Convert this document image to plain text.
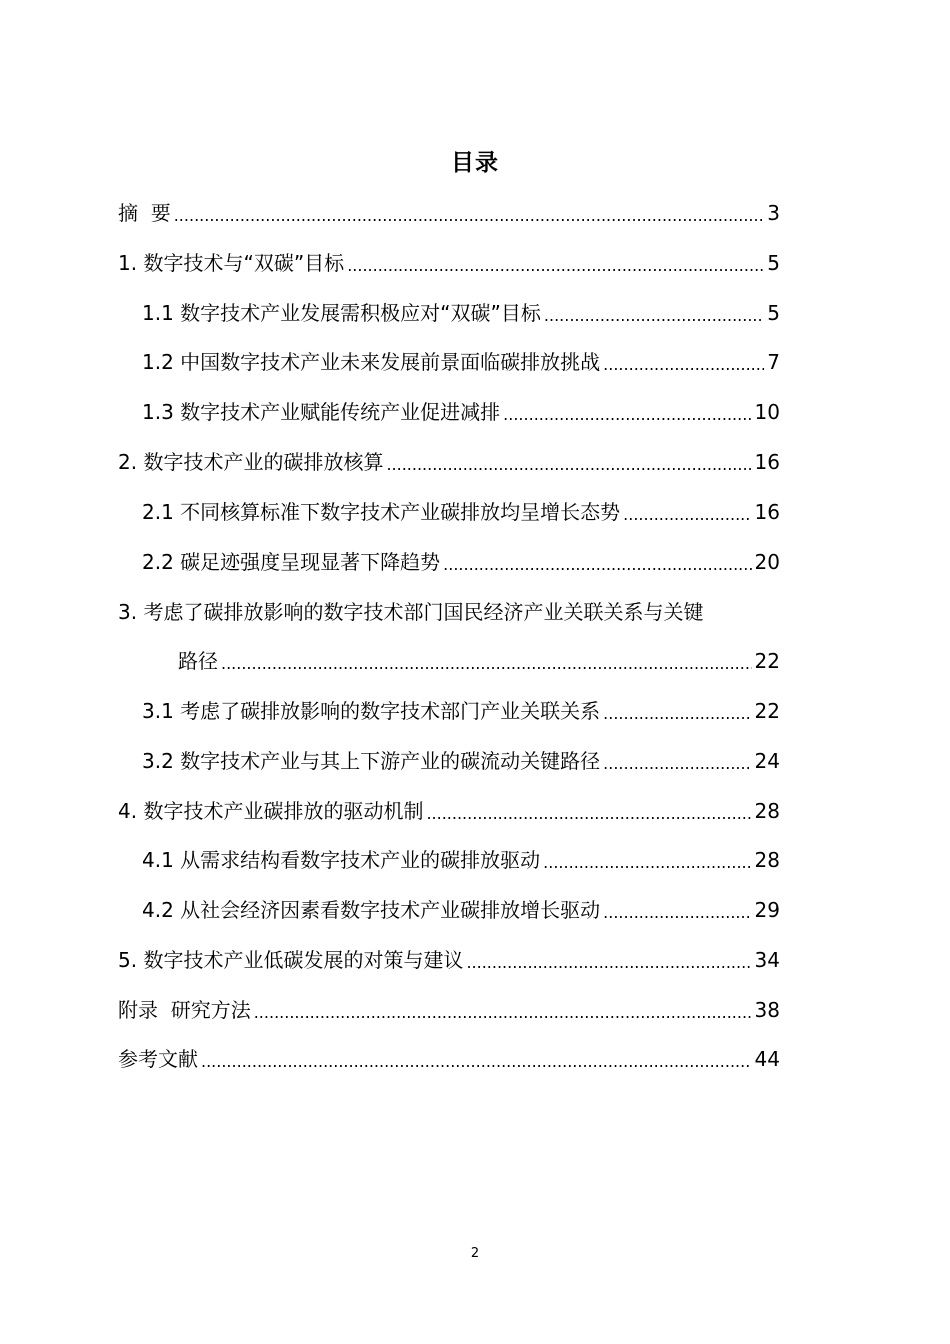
目录
摘  要 .....	3
1. 数字技术与“双碳”目标 .....	5
1.1 数字技术产业发展需积极应对“双碳”目标 .....	5
1.2 中国数字技术产业未来发展前景面临碳排放挑战 .....	7
1.3 数字技术产业赋能传统产业促进减排 .....	10
2. 数字技术产业的碳排放核算 .....	16
2.1 不同核算标准下数字技术产业碳排放均呈增长态势 .....	16
2.2 碳足迹强度呈现显著下降趋势 .....	20
3. 考虑了碳排放影响的数字技术部门国民经济产业关联关系与关键
路径 .....	22
3.1 考虑了碳排放影响的数字技术部门产业关联关系 .....	22
3.2 数字技术产业与其上下游产业的碳流动关键路径 .....	24
4. 数字技术产业碳排放的驱动机制 .....	28
4.1 从需求结构看数字技术产业的碳排放驱动 .....	28
4.2 从社会经济因素看数字技术产业碳排放增长驱动 .....	29
5. 数字技术产业低碳发展的对策与建议 .....	34
附录  研究方法 .....	38
参考文献 .....	44
2
